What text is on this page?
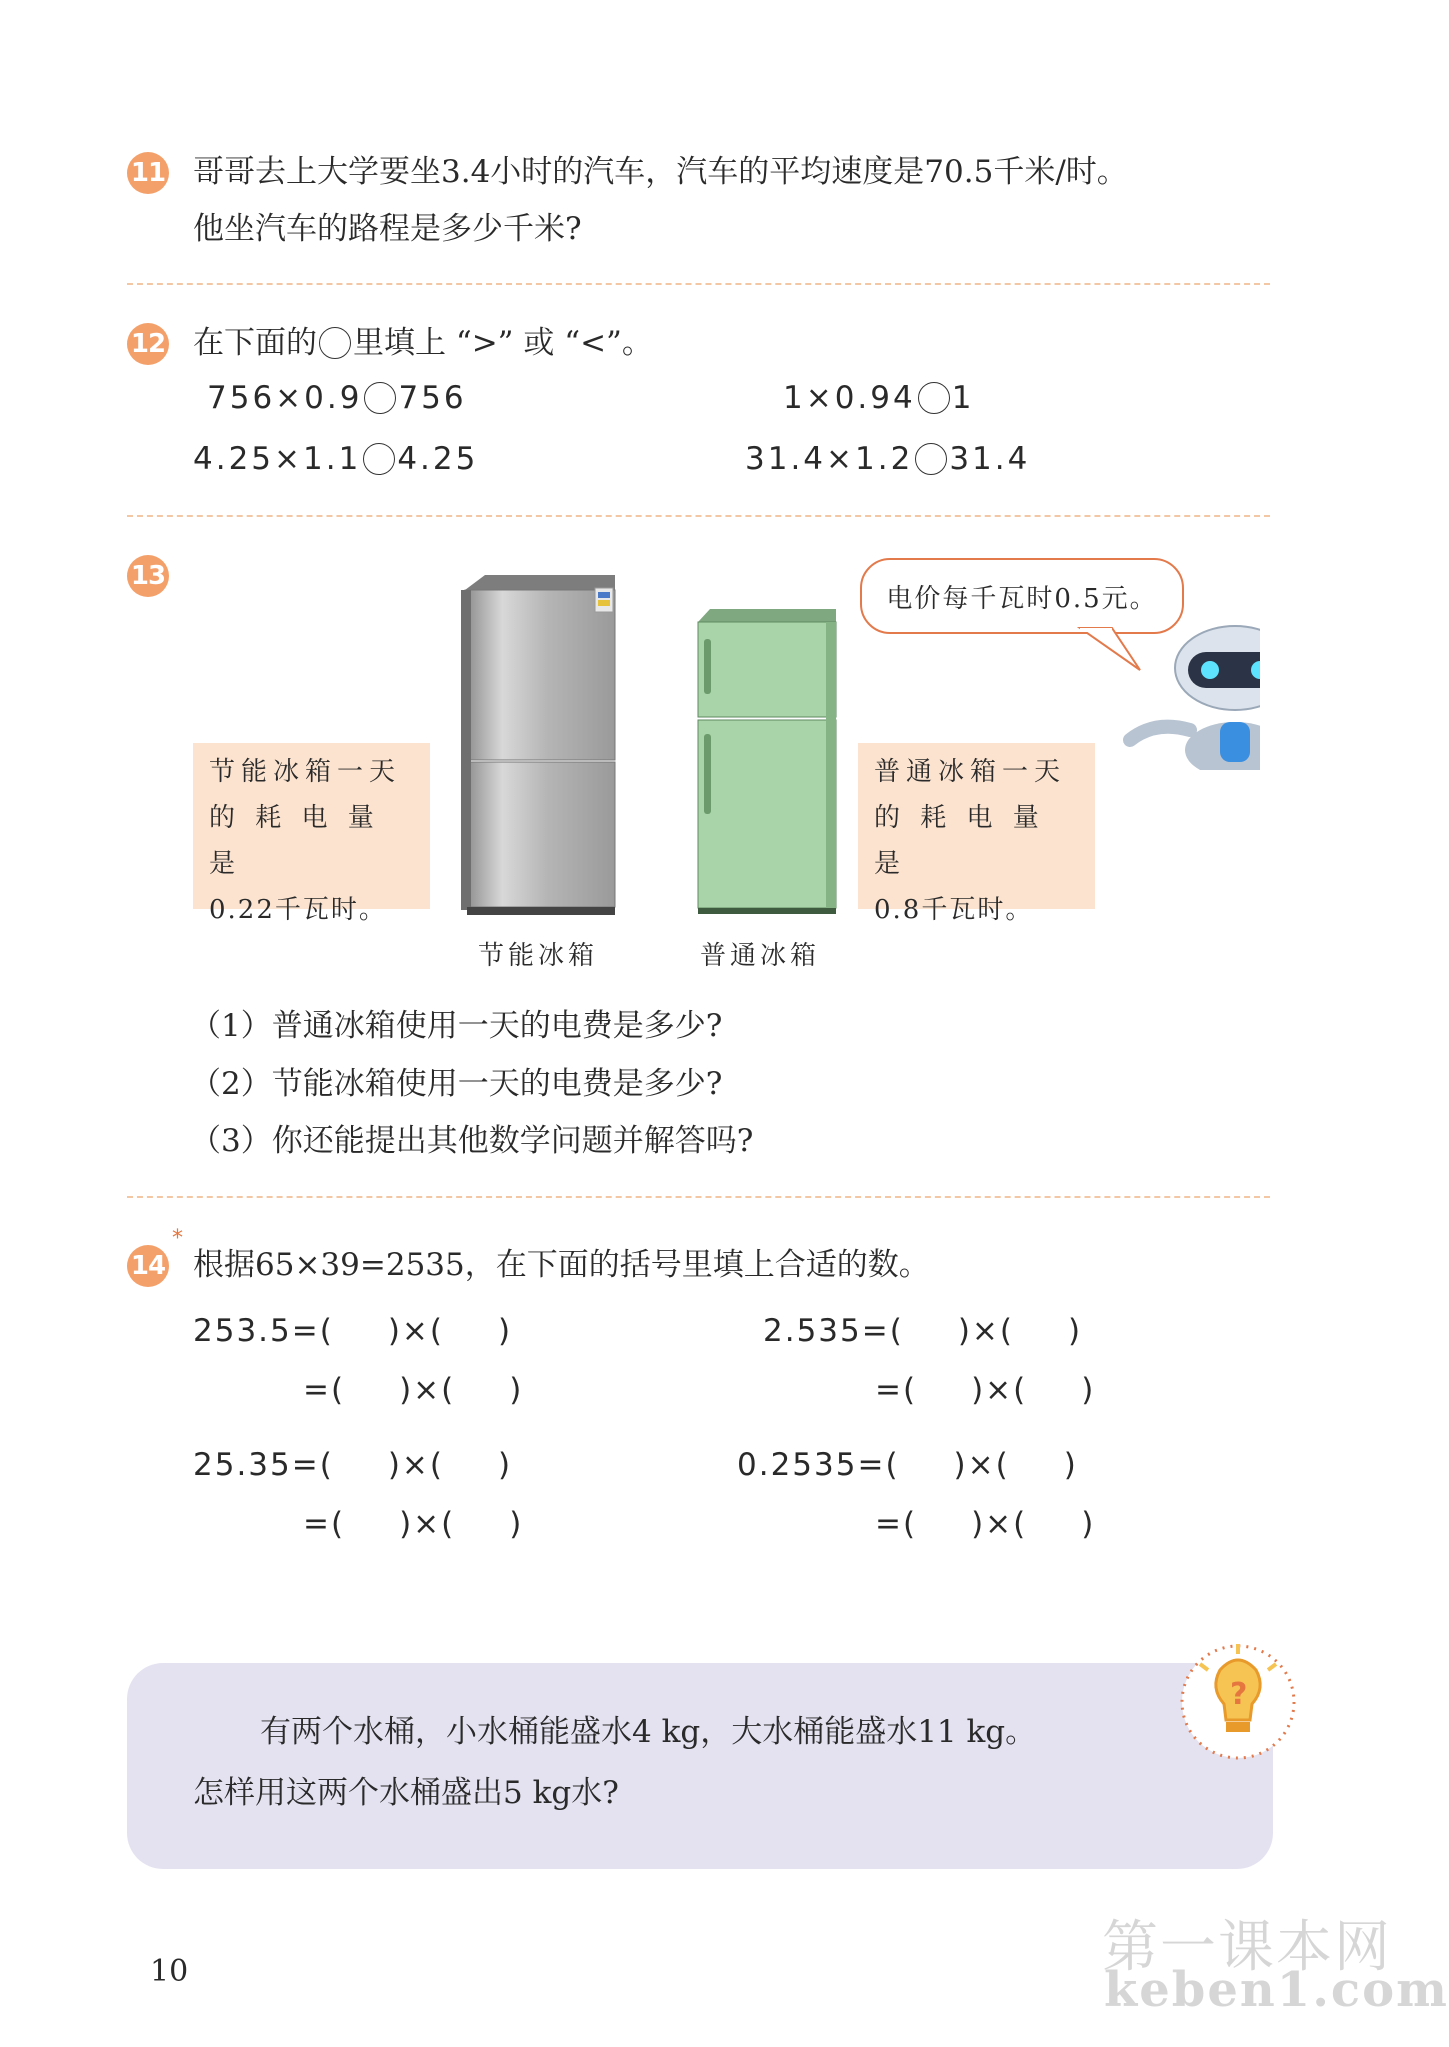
11 哥哥去上大学要坐3.4小时的汽车，汽车的平均速度是70.5千米/时。
他坐汽车的路程是多少千米?
12 在下面的 里填上 “>” 或 “<”。
756×0.9 756	1×0.94 1
4.25×1.1 4.25	31.4×1.2 31.4
13
节能冰箱一天
的 耗 电 量 是
0.22千瓦时。
普通冰箱一天
的 耗 电 量 是
0.8千瓦时。
节能冰箱	普通冰箱
电价每千瓦时0.5元。
（1）普通冰箱使用一天的电费是多少?
（2）节能冰箱使用一天的电费是多少?
（3）你还能提出其他数学问题并解答吗?
*
14 根据65×39=2535，在下面的括号里填上合适的数。
253.5=( )×( )
=( )×( )
25.35=( )×( )
=( )×( )
2.535=( )×( )
=( )×( )
0.2535=( )×( )
=( )×( )
有两个水桶，小水桶能盛水4 kg，大水桶能盛水11 kg。
怎样用这两个水桶盛出5 kg水?
?
10	第一课本网
keben1.com
